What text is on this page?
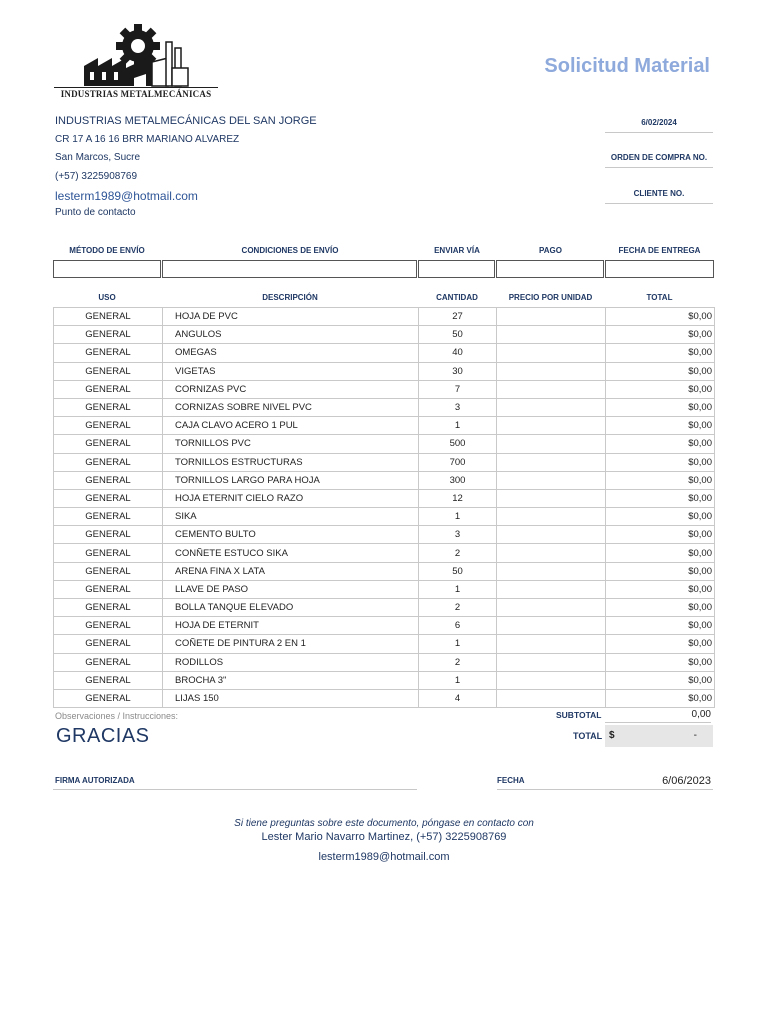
INDUSTRIAS METALMECÁNICAS
Solicitud Material
INDUSTRIAS METALMECÁNICAS DEL SAN JORGE
CR 17 A 16 16 BRR MARIANO ALVAREZ
San Marcos, Sucre
(+57) 3225908769
lesterm1989@hotmail.com
Punto de contacto
6/02/2024
ORDEN DE COMPRA NO.
CLIENTE NO.
MÉTODO DE ENVÍO	CONDICIONES DE ENVÍO	ENVIAR VÍA	PAGO	FECHA DE ENTREGA
USO	DESCRIPCIÓN	CANTIDAD	PRECIO POR UNIDAD	TOTAL
GENERAL	HOJA DE PVC	27		$0,00
GENERAL	ANGULOS	50		$0,00
GENERAL	OMEGAS	40		$0,00
GENERAL	VIGETAS	30		$0,00
GENERAL	CORNIZAS PVC	7		$0,00
GENERAL	CORNIZAS SOBRE NIVEL PVC	3		$0,00
GENERAL	CAJA CLAVO ACERO 1 PUL	1		$0,00
GENERAL	TORNILLOS PVC	500		$0,00
GENERAL	TORNILLOS ESTRUCTURAS	700		$0,00
GENERAL	TORNILLOS LARGO PARA HOJA	300		$0,00
GENERAL	HOJA ETERNIT CIELO RAZO	12		$0,00
GENERAL	SIKA	1		$0,00
GENERAL	CEMENTO BULTO	3		$0,00
GENERAL	CONÑETE ESTUCO SIKA	2		$0,00
GENERAL	ARENA FINA X LATA	50		$0,00
GENERAL	LLAVE DE PASO	1		$0,00
GENERAL	BOLLA TANQUE ELEVADO	2		$0,00
GENERAL	HOJA DE ETERNIT	6		$0,00
GENERAL	COÑETE DE PINTURA 2 EN 1	1		$0,00
GENERAL	RODILLOS	2		$0,00
GENERAL	BROCHA 3"	1		$0,00
GENERAL	LIJAS 150	4		$0,00
Observaciones / Instrucciones:
GRACIAS
SUBTOTAL	0,00
TOTAL $	-
FIRMA AUTORIZADA	FECHA	6/06/2023
Si tiene preguntas sobre este documento, póngase en contacto con
Lester Mario Navarro Martinez, (+57) 3225908769
lesterm1989@hotmail.com
